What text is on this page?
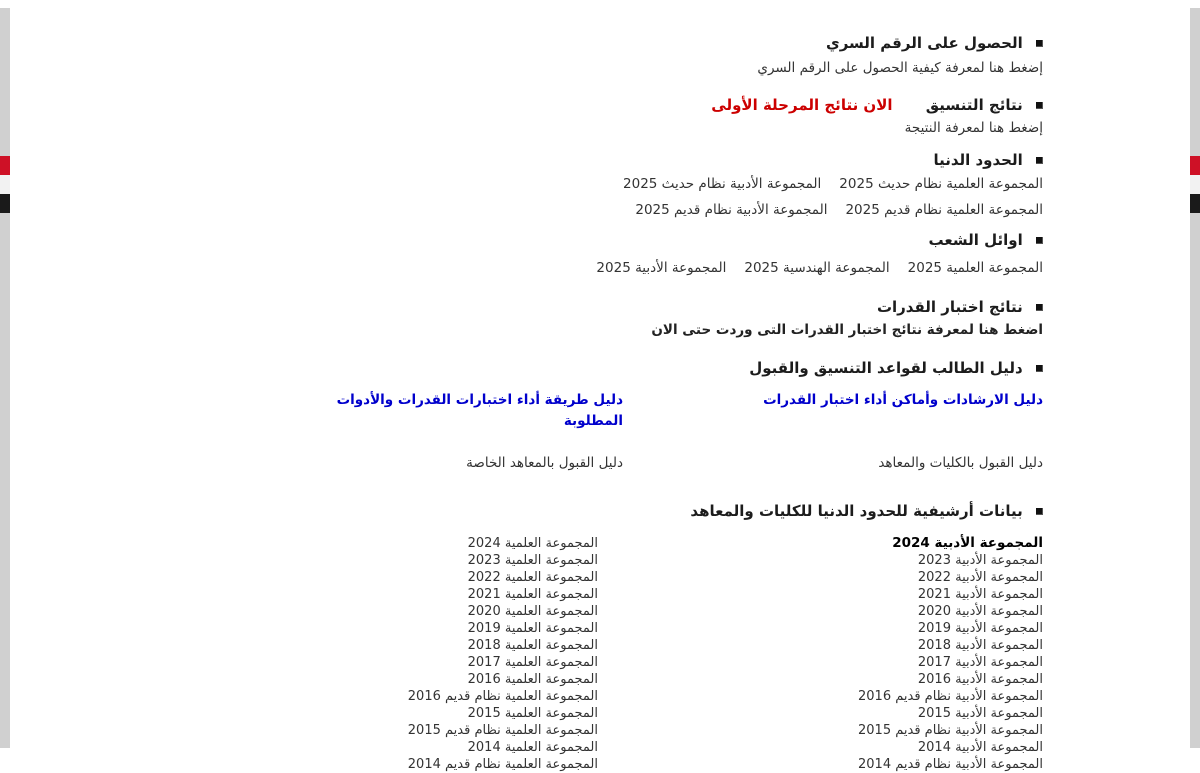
الحصول على الرقم السري
إضغط هنا لمعرفة كيفية الحصول على الرقم السري
نتائج التنسيق الان نتائج المرحلة الأولى
إضغط هنا لمعرفة النتيجة
الحدود الدنيا
المجموعة العلمية نظام حديث 2025المجموعة الأدبية نظام حديث 2025
المجموعة العلمية نظام قديم 2025المجموعة الأدبية نظام قديم 2025
اوائل الشعب
المجموعة العلمية 2025المجموعة الهندسية 2025المجموعة الأدبية 2025
نتائج اختبار القدرات
اضغط هنا لمعرفة نتائج اختبار القدرات التى وردت حتى الان
دليل الطالب لقواعد التنسيق والقبول
دليل الارشادات وأماكن أداء اختبار القدرات
دليل طريقة أداء اختبارات القدرات والأدوات المطلوبة
دليل القبول بالكليات والمعاهد
دليل القبول بالمعاهد الخاصة
بيانات أرشيفية للحدود الدنيا للكليات والمعاهد
المجموعة الأدبية 2024
المجموعة الأدبية 2023
المجموعة الأدبية 2022
المجموعة الأدبية 2021
المجموعة الأدبية 2020
المجموعة الأدبية 2019
المجموعة الأدبية 2018
المجموعة الأدبية 2017
المجموعة الأدبية 2016
المجموعة الأدبية نظام قديم 2016
المجموعة الأدبية 2015
المجموعة الأدبية نظام قديم 2015
المجموعة الأدبية 2014
المجموعة الأدبية نظام قديم 2014
المجموعة العلمية 2024
المجموعة العلمية 2023
المجموعة العلمية 2022
المجموعة العلمية 2021
المجموعة العلمية 2020
المجموعة العلمية 2019
المجموعة العلمية 2018
المجموعة العلمية 2017
المجموعة العلمية 2016
المجموعة العلمية نظام قديم 2016
المجموعة العلمية 2015
المجموعة العلمية نظام قديم 2015
المجموعة العلمية 2014
المجموعة العلمية نظام قديم 2014
